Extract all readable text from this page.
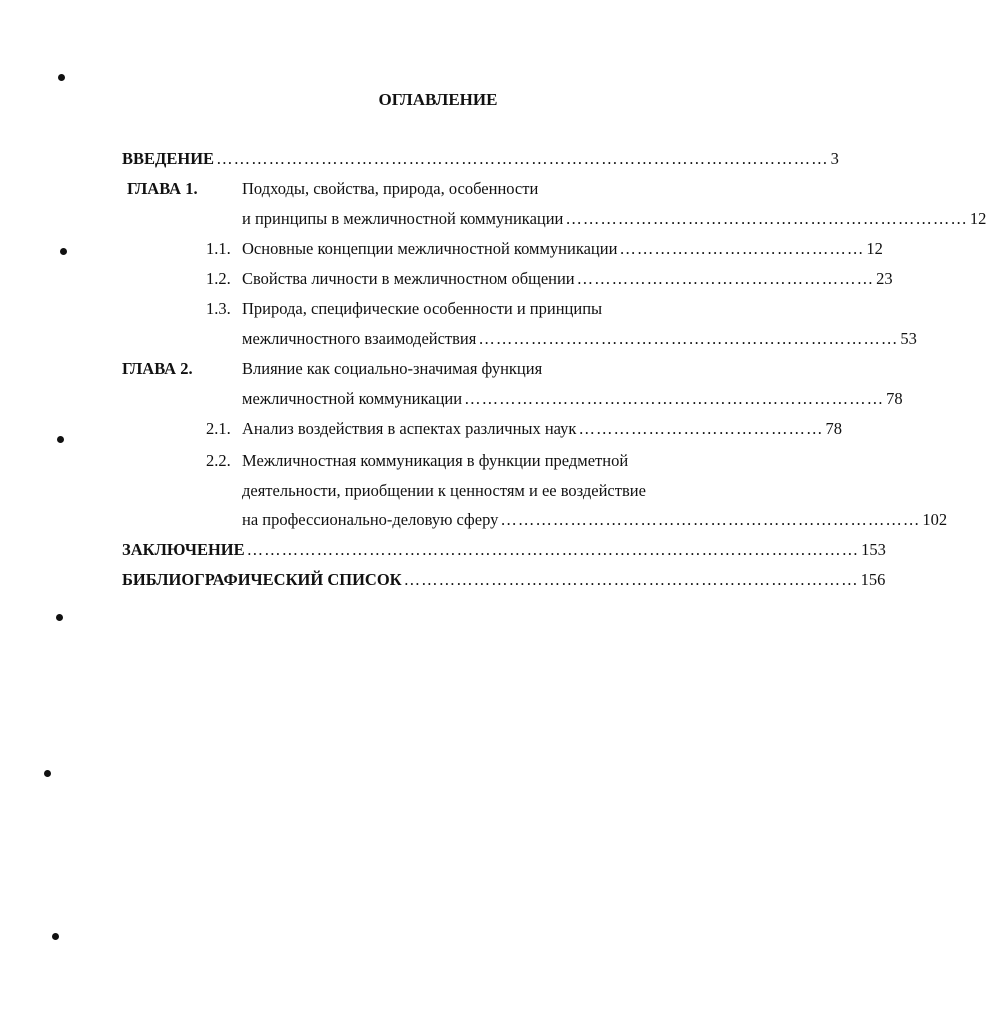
ОГЛАВЛЕНИЕ
ВВЕДЕНИЕ …………………………………………………………………………………………… 3
ГЛАВА 1.	Подходы, свойства, природа, особенности
и принципы в межличностной коммуникации …………………………………………………………… 12
1.1. Основные концепции межличностной коммуникации …………………………………… 12
1.2. Свойства личности в межличностном общении …………………………………………… 23
1.3. Природа, специфические особенности и принципы
межличностного взаимодействия ……………………………………………………………… 53
ГЛАВА 2.	Влияние как социально-значимая функция
межличностной коммуникации ……………………………………………………………… 78
2.1. Анализ воздействия в аспектах различных наук …………………………………… 78
2.2. Межличностная коммуникация в функции предметной
деятельности, приобщении к ценностям и ее воздействие
на профессионально-деловую сферу ……………………………………………………………… 102
ЗАКЛЮЧЕНИЕ …………………………………………………………………………………………… 153
БИБЛИОГРАФИЧЕСКИЙ СПИСОК …………………………………………………………………… 156
